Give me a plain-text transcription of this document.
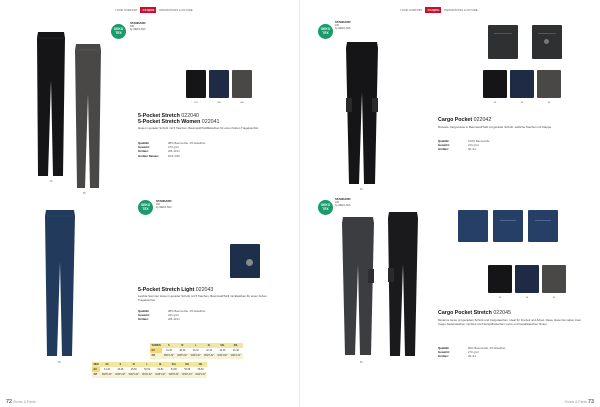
YOUR COMFORT	CLIQUE	PROMOTIONS & FUTURE
00
95
OEKO
TEX
STANDARD
100
by OEKO-TEX
022	008	000
5-Pocket Stretch 022040
5-Pocket Stretch Women 022041
Hose in gerader Schnitt mit 5 Taschen, Baumwoll/Twill/Elasthan für einen hohen Tragekomfort.
Qualität:	98% Baumwolle, 2% Elasthan
Gewicht:	270 g/m²
Größen:	W8–W44
Größen Damen:	D34–D46
58
OEKO
TEX
STANDARD
100
by OEKO-TEX
5-Pocket Stretch Light 022043
Leichte Sommer Hose in gerader Schnitt mit 5 Taschen, Baumwoll/Twill mit Elasthan für einen hohen Tragekomfort.
Qualität:	98% Baumwolle, 2% Elasthan
Gewicht:	220 g/m²
Größen:	W8–W44
WOMEN	S	M	L	XL	XXL	3XL
EU	34-36	38-39	40-42	42-44	44-46	46-48
INT	W26"L32"	W28"L32"	W30"L32"	W32"L32"	W34"L32"	W36"L32"
MEN	XS	S	M	L	XL	XXL	3XL	4XL
EU	44-46	46-48	48-50	50-52	52-54	54-56	56-58	58-60
INT	W28"L32"	W30"L32"	W32"L32"	W34"L32"	W36"L32"	W38"L32"	W40"L34"	W42"L34"
72 Shorts & Pants
YOUR COMFORT	CLIQUE	PROMOTIONS & FUTURE
OEKO
TEX
STANDARD
100
by OEKO-TEX
99
99	58	95
Cargo Pocket 022042
Robuste Cargo-Hose in Baumwoll/Twill mit gerader Schnitt, seitliche Taschen mit Klappe.
Qualität:	100% Baumwolle
Gewicht:	270 g/m²
Größen:	46–64
OEKO
TEX
STANDARD
100
by OEKO-TEX
95
99	58	95
Cargo Pocket Stretch 022045
Moderne Hose mit geradem Schnitt und Cargotaschen. Ideal für Freizeit und Arbeit. Diese Hose hat neben zwei Cargo-Seitentaschen mit Klett noch Eingriffstaschen vorne und Gesäßtaschen hinten.
Qualität:	96% Baumwolle, 4% Elasthan
Gewicht:	270 g/m²
Größen:	46–64
Shorts & Pants 73
